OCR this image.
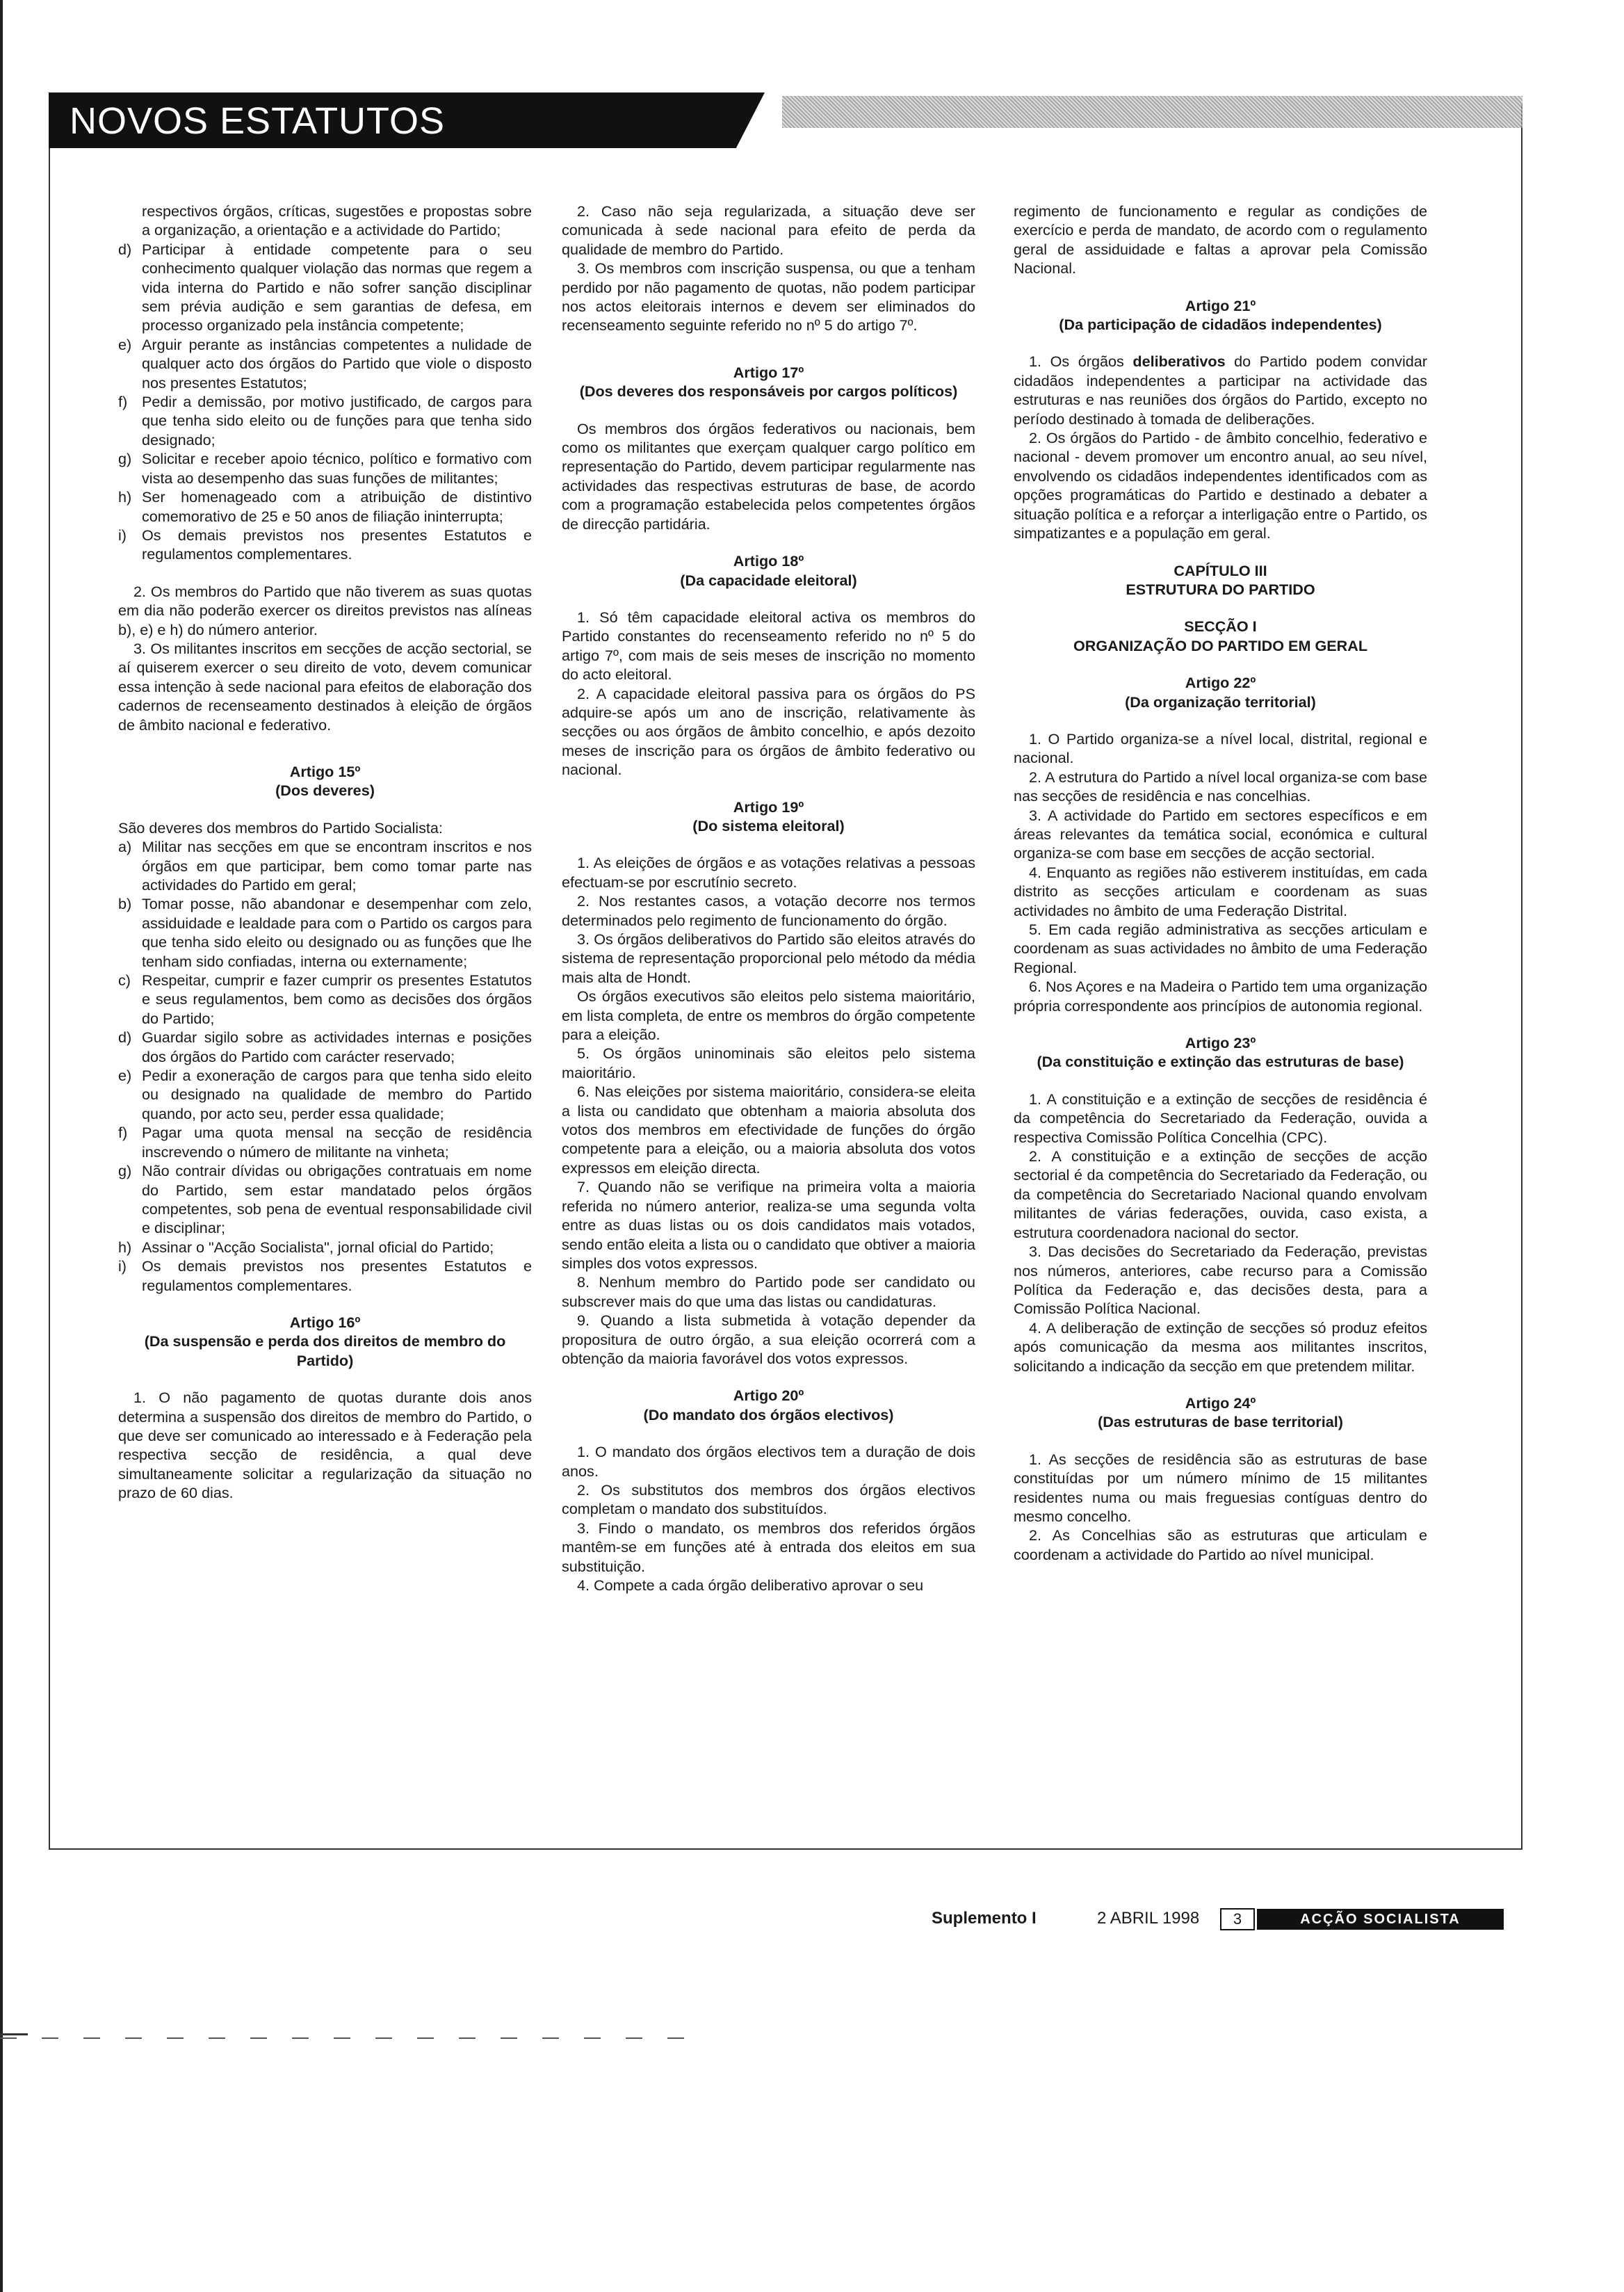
NOVOS ESTATUTOS

respectivos órgãos, críticas, sugestões e propostas sobre a organização, a orientação e a actividade do Partido;

d) Participar à entidade competente para o seu conhecimento qualquer violação das normas que regem a vida interna do Partido e não sofrer sanção disciplinar sem prévia audição e sem garantias de defesa, em processo organizado pela instância competente;
e) Arguir perante as instâncias competentes a nulidade de qualquer acto dos órgãos do Partido que viole o disposto nos presentes Estatutos;
f) Pedir a demissão, por motivo justificado, de cargos para que tenha sido eleito ou de funções para que tenha sido designado;
g) Solicitar e receber apoio técnico, político e formativo com vista ao desempenho das suas funções de militantes;
h) Ser homenageado com a atribuição de distintivo comemorativo de 25 e 50 anos de filiação ininterrupta;
i)	Os demais previstos nos presentes Estatutos e regulamentos complementares.

2. Os membros do Partido que não tiverem as suas quotas em dia não poderão exercer os direitos previstos nas alíneas b), e) e h) do número anterior.

3. Os militantes inscritos em secções de acção sectorial, se aí quiserem exercer o seu direito de voto, devem comunicar essa intenção à sede nacional para efeitos de elaboração dos cadernos de recenseamento destinados à eleição de órgãos de âmbito nacional e federativo.

Artigo 15º

(Dos deveres)

São deveres dos membros do Partido Socialista:

a) Militar nas secções em que se encontram inscritos e nos órgãos em que participar, bem como tomar parte nas actividades do Partido em geral;
b) Tomar posse, não abandonar e desempenhar com zelo, assiduidade e lealdade para com o Partido os cargos para que tenha sido eleito ou designado ou as funções que lhe tenham sido confiadas, interna ou externamente;
c) Respeitar, cumprir e fazer cumprir os presentes Estatutos e seus regulamentos, bem como as decisões dos órgãos do Partido;
d) Guardar sigilo sobre as actividades internas e posições dos órgãos do Partido com carácter reservado;
e) Pedir a exoneração de cargos para que tenha sido eleito ou designado na qualidade de membro do Partido quando, por acto seu, perder essa qualidade;
f) Pagar uma quota mensal na secção de residência inscrevendo o número de militante na vinheta;
g) Não contrair dívidas ou obrigações contratuais em nome do Partido, sem estar mandatado pelos órgãos competentes, sob pena de eventual responsabilidade civil e disciplinar;
h) Assinar o "Acção Socialista", jornal oficial do Partido;
i)	Os demais previstos nos presentes Estatutos e regulamentos complementares.

Artigo 16º

(Da suspensão e perda dos direitos de membro do Partido)

1. O não pagamento de quotas durante dois anos determina a suspensão dos direitos de membro do Partido, o que deve ser comunicado ao interessado e à Federação pela respectiva secção de residência, a qual deve simultaneamente solicitar a regularização da situação no prazo de 60 dias.

2. Caso não seja regularizada, a situação deve ser comunicada à sede nacional para efeito de perda da qualidade de membro do Partido.

3. Os membros com inscrição suspensa, ou que a tenham perdido por não pagamento de quotas, não podem participar nos actos eleitorais internos e devem ser eliminados do recenseamento seguinte referido no nº 5 do artigo 7º.

Artigo 17º

(Dos deveres dos responsáveis por cargos políticos)

Os membros dos órgãos federativos ou nacionais, bem como os militantes que exerçam qualquer cargo político em representação do Partido, devem participar regularmente nas actividades das respectivas estruturas de base, de acordo com a programação estabelecida pelos competentes órgãos de direcção partidária.

Artigo 18º

(Da capacidade eleitoral)

1. Só têm capacidade eleitoral activa os membros do Partido constantes do recenseamento referido no nº 5 do artigo 7º, com mais de seis meses de inscrição no momento do acto eleitoral.

2. A capacidade eleitoral passiva para os órgãos do PS adquire-se após um ano de inscrição, relativamente às secções ou aos órgãos de âmbito concelhio, e após dezoito meses de inscrição para os órgãos de âmbito federativo ou nacional.

Artigo 19º

(Do sistema eleitoral)

1. As eleições de órgãos e as votações relativas a pessoas efectuam-se por escrutínio secreto.

2. Nos restantes casos, a votação decorre nos termos determinados pelo regimento de funcionamento do órgão.

3. Os órgãos deliberativos do Partido são eleitos através do sistema de representação proporcional pelo método da média mais alta de Hondt.

Os órgãos executivos são eleitos pelo sistema maioritário, em lista completa, de entre os membros do órgão competente para a eleição.

5. Os órgãos uninominais são eleitos pelo sistema maioritário.

6. Nas eleições por sistema maioritário, considera-se eleita a lista ou candidato que obtenham a maioria absoluta dos votos dos membros em efectividade de funções do órgão competente para a eleição, ou a maioria absoluta dos votos expressos em eleição directa.

7. Quando não se verifique na primeira volta a maioria referida no número anterior, realiza-se uma segunda volta entre as duas listas ou os dois candidatos mais votados, sendo então eleita a lista ou o candidato que obtiver a maioria simples dos votos expressos.

8. Nenhum membro do Partido pode ser candidato ou subscrever mais do que uma das listas ou candidaturas.

9. Quando a lista submetida à votação depender da propositura de outro órgão, a sua eleição ocorrerá com a obtenção da maioria favorável dos votos expressos.

Artigo 20º

(Do mandato dos órgãos electivos)

1. O mandato dos órgãos electivos tem a duração de dois anos.

2. Os substitutos dos membros dos órgãos electivos completam o mandato dos substituídos.

3. Findo o mandato, os membros dos referidos órgãos mantêm-se em funções até à entrada dos eleitos em sua substituição.

4. Compete a cada órgão deliberativo aprovar o seu

regimento de funcionamento e regular as condições de exercício e perda de mandato, de acordo com o regulamento geral de assiduidade e faltas a aprovar pela Comissão Nacional.

Artigo 21º

(Da participação de cidadãos independentes)

1. Os órgãos deliberativos do Partido podem convidar cidadãos independentes a participar na actividade das estruturas e nas reuniões dos órgãos do Partido, excepto no período destinado à tomada de deliberações.

2. Os órgãos do Partido - de âmbito concelhio, federativo e nacional - devem promover um encontro anual, ao seu nível, envolvendo os cidadãos independentes identificados com as opções programáticas do Partido e destinado a debater a situação política e a reforçar a interligação entre o Partido, os simpatizantes e a população em geral.

CAPÍTULO III

ESTRUTURA DO PARTIDO

SECÇÃO I

ORGANIZAÇÃO DO PARTIDO EM GERAL

Artigo 22º

(Da organização territorial)

1. O Partido organiza-se a nível local, distrital, regional e nacional.

2. A estrutura do Partido a nível local organiza-se com base nas secções de residência e nas concelhias.

3. A actividade do Partido em sectores específicos e em áreas relevantes da temática social, económica e cultural organiza-se com base em secções de acção sectorial.

4. Enquanto as regiões não estiverem instituídas, em cada distrito as secções articulam e coordenam as suas actividades no âmbito de uma Federação Distrital.

5. Em cada região administrativa as secções articulam e coordenam as suas actividades no âmbito de uma Federação Regional.

6. Nos Açores e na Madeira o Partido tem uma organização própria correspondente aos princípios de autonomia regional.

Artigo 23º

(Da constituição e extinção das estruturas de base)

1. A constituição e a extinção de secções de residência é da competência do Secretariado da Federação, ouvida a respectiva Comissão Política Concelhia (CPC).

2. A constituição e a extinção de secções de acção sectorial é da competência do Secretariado da Federação, ou da competência do Secretariado Nacional quando envolvam militantes de várias federações, ouvida, caso exista, a estrutura coordenadora nacional do sector.

3. Das decisões do Secretariado da Federação, previstas nos números, anteriores, cabe recurso para a Comissão Política da Federação e, das decisões desta, para a Comissão Política Nacional.

4. A deliberação de extinção de secções só produz efeitos após comunicação da mesma aos militantes inscritos, solicitando a indicação da secção em que pretendem militar.

Artigo 24º

(Das estruturas de base territorial)

1. As secções de residência são as estruturas de base constituídas por um número mínimo de 15 militantes residentes numa ou mais freguesias contíguas dentro do mesmo concelho.

2. As Concelhias são as estruturas que articulam e coordenam a actividade do Partido ao nível municipal.

Suplemento I	2 ABRIL 1998	3	ACÇÃO SOCIALISTA
